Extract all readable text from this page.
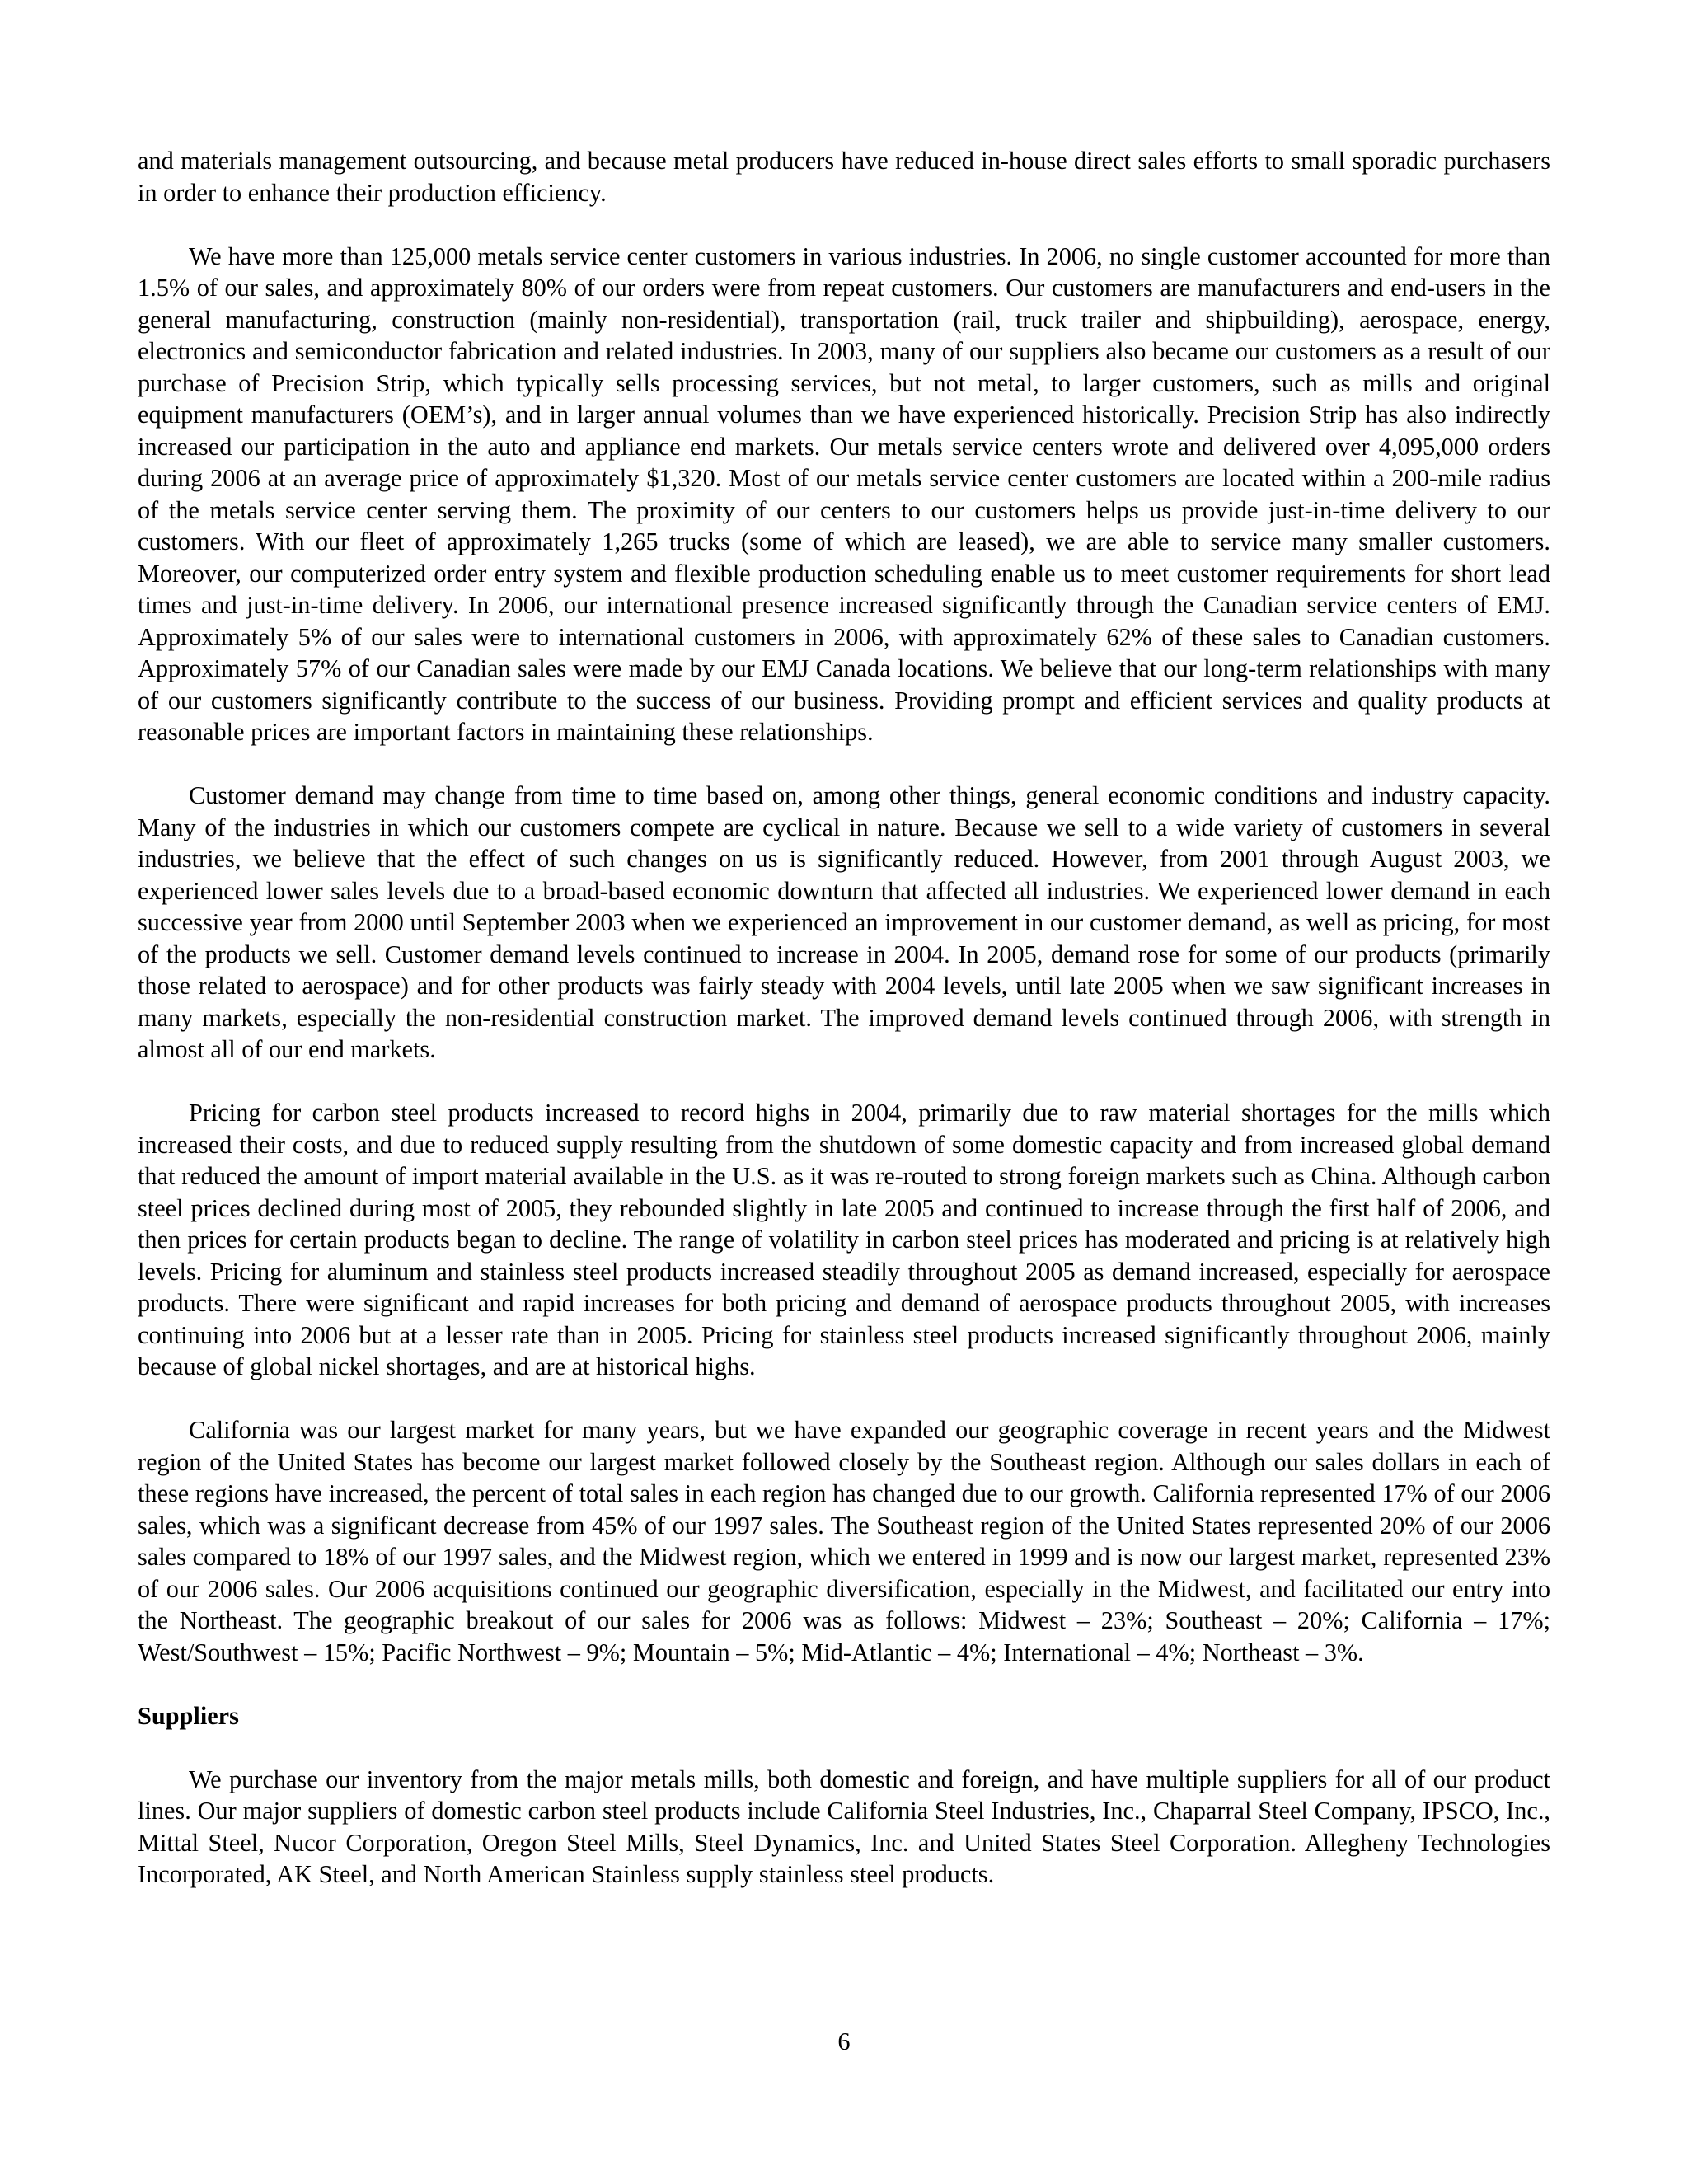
and materials management outsourcing, and because metal producers have reduced in-house direct sales efforts to small sporadic purchasers in order to enhance their production efficiency.

We have more than 125,000 metals service center customers in various industries. In 2006, no single customer accounted for more than 1.5% of our sales, and approximately 80% of our orders were from repeat customers. Our customers are manufacturers and end-users in the general manufacturing, construction (mainly non-residential), transportation (rail, truck trailer and shipbuilding), aerospace, energy, electronics and semiconductor fabrication and related industries. In 2003, many of our suppliers also became our customers as a result of our purchase of Precision Strip, which typically sells processing services, but not metal, to larger customers, such as mills and original equipment manufacturers (OEM’s), and in larger annual volumes than we have experienced historically. Precision Strip has also indirectly increased our participation in the auto and appliance end markets. Our metals service centers wrote and delivered over 4,095,000 orders during 2006 at an average price of approximately $1,320. Most of our metals service center customers are located within a 200-mile radius of the metals service center serving them. The proximity of our centers to our customers helps us provide just-in-time delivery to our customers. With our fleet of approximately 1,265 trucks (some of which are leased), we are able to service many smaller customers. Moreover, our computerized order entry system and flexible production scheduling enable us to meet customer requirements for short lead times and just-in-time delivery. In 2006, our international presence increased significantly through the Canadian service centers of EMJ. Approximately 5% of our sales were to international customers in 2006, with approximately 62% of these sales to Canadian customers. Approximately 57% of our Canadian sales were made by our EMJ Canada locations. We believe that our long-term relationships with many of our customers significantly contribute to the success of our business. Providing prompt and efficient services and quality products at reasonable prices are important factors in maintaining these relationships.

Customer demand may change from time to time based on, among other things, general economic conditions and industry capacity. Many of the industries in which our customers compete are cyclical in nature. Because we sell to a wide variety of customers in several industries, we believe that the effect of such changes on us is significantly reduced. However, from 2001 through August 2003, we experienced lower sales levels due to a broad-based economic downturn that affected all industries. We experienced lower demand in each successive year from 2000 until September 2003 when we experienced an improvement in our customer demand, as well as pricing, for most of the products we sell. Customer demand levels continued to increase in 2004. In 2005, demand rose for some of our products (primarily those related to aerospace) and for other products was fairly steady with 2004 levels, until late 2005 when we saw significant increases in many markets, especially the non-residential construction market. The improved demand levels continued through 2006, with strength in almost all of our end markets.

Pricing for carbon steel products increased to record highs in 2004, primarily due to raw material shortages for the mills which increased their costs, and due to reduced supply resulting from the shutdown of some domestic capacity and from increased global demand that reduced the amount of import material available in the U.S. as it was re-routed to strong foreign markets such as China. Although carbon steel prices declined during most of 2005, they rebounded slightly in late 2005 and continued to increase through the first half of 2006, and then prices for certain products began to decline. The range of volatility in carbon steel prices has moderated and pricing is at relatively high levels. Pricing for aluminum and stainless steel products increased steadily throughout 2005 as demand increased, especially for aerospace products. There were significant and rapid increases for both pricing and demand of aerospace products throughout 2005, with increases continuing into 2006 but at a lesser rate than in 2005. Pricing for stainless steel products increased significantly throughout 2006, mainly because of global nickel shortages, and are at historical highs.

California was our largest market for many years, but we have expanded our geographic coverage in recent years and the Midwest region of the United States has become our largest market followed closely by the Southeast region. Although our sales dollars in each of these regions have increased, the percent of total sales in each region has changed due to our growth. California represented 17% of our 2006 sales, which was a significant decrease from 45% of our 1997 sales. The Southeast region of the United States represented 20% of our 2006 sales compared to 18% of our 1997 sales, and the Midwest region, which we entered in 1999 and is now our largest market, represented 23% of our 2006 sales. Our 2006 acquisitions continued our geographic diversification, especially in the Midwest, and facilitated our entry into the Northeast. The geographic breakout of our sales for 2006 was as follows: Midwest – 23%; Southeast – 20%; California – 17%; West/Southwest – 15%; Pacific Northwest – 9%; Mountain – 5%; Mid-Atlantic – 4%; International – 4%; Northeast – 3%.

Suppliers

We purchase our inventory from the major metals mills, both domestic and foreign, and have multiple suppliers for all of our product lines. Our major suppliers of domestic carbon steel products include California Steel Industries, Inc., Chaparral Steel Company, IPSCO, Inc., Mittal Steel, Nucor Corporation, Oregon Steel Mills, Steel Dynamics, Inc. and United States Steel Corporation. Allegheny Technologies Incorporated, AK Steel, and North American Stainless supply stainless steel products.

6
